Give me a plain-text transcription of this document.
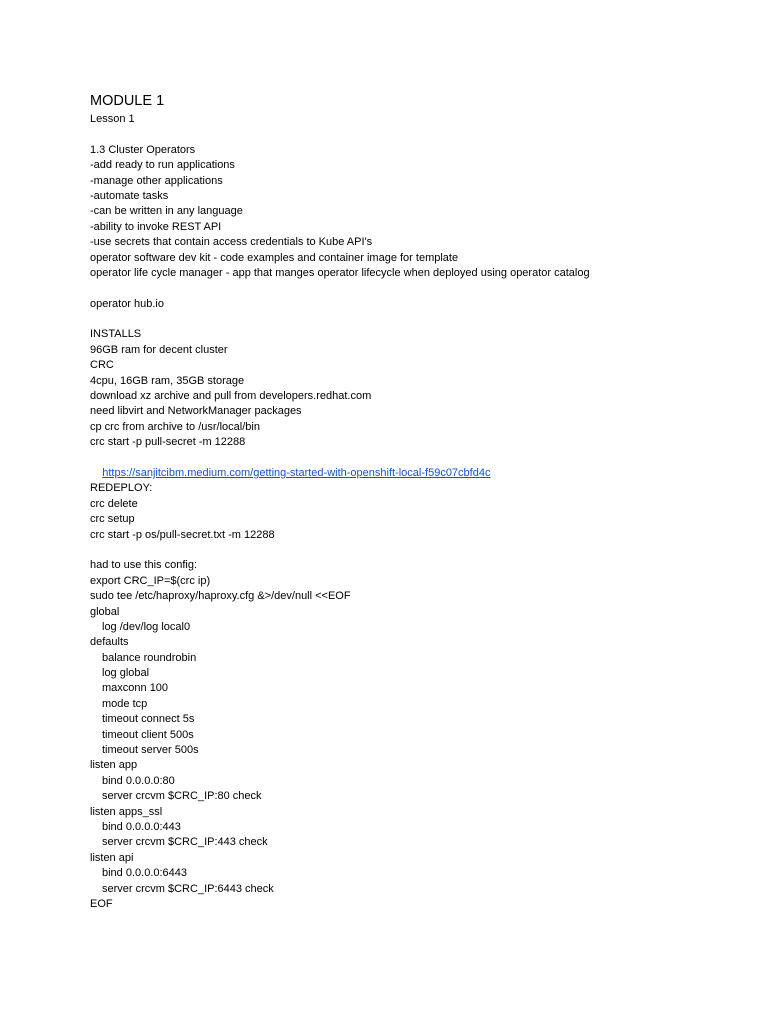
MODULE 1
Lesson 1
1.3 Cluster Operators
-add ready to run applications
-manage other applications
-automate tasks
-can be written in any language
-ability to invoke REST API
-use secrets that contain access credentials to Kube API's
operator software dev kit - code examples and container image for template
operator life cycle manager - app that manges operator lifecycle when deployed using operator catalog
operator hub.io
INSTALLS
96GB ram for decent cluster
CRC
4cpu, 16GB ram, 35GB storage
download xz archive and pull from developers.redhat.com
need libvirt and NetworkManager packages
cp crc from archive to /usr/local/bin
crc start -p pull-secret -m 12288

https://sanjitcibm.medium.com/getting-started-with-openshift-local-f59c07cbfd4c

REDEPLOY:
crc delete
crc setup
crc start -p os/pull-secret.txt -m 12288
had to use this config:
export CRC_IP=$(crc ip)
sudo tee /etc/haproxy/haproxy.cfg &>/dev/null <<EOF
global
log /dev/log local0
defaults
balance roundrobin
log global
maxconn 100
mode tcp
timeout connect 5s
timeout client 500s
timeout server 500s
listen app
bind 0.0.0.0:80
server crcvm $CRC_IP:80 check
listen apps_ssl
bind 0.0.0.0:443
server crcvm $CRC_IP:443 check
listen api
bind 0.0.0.0:6443
server crcvm $CRC_IP:6443 check
EOF
